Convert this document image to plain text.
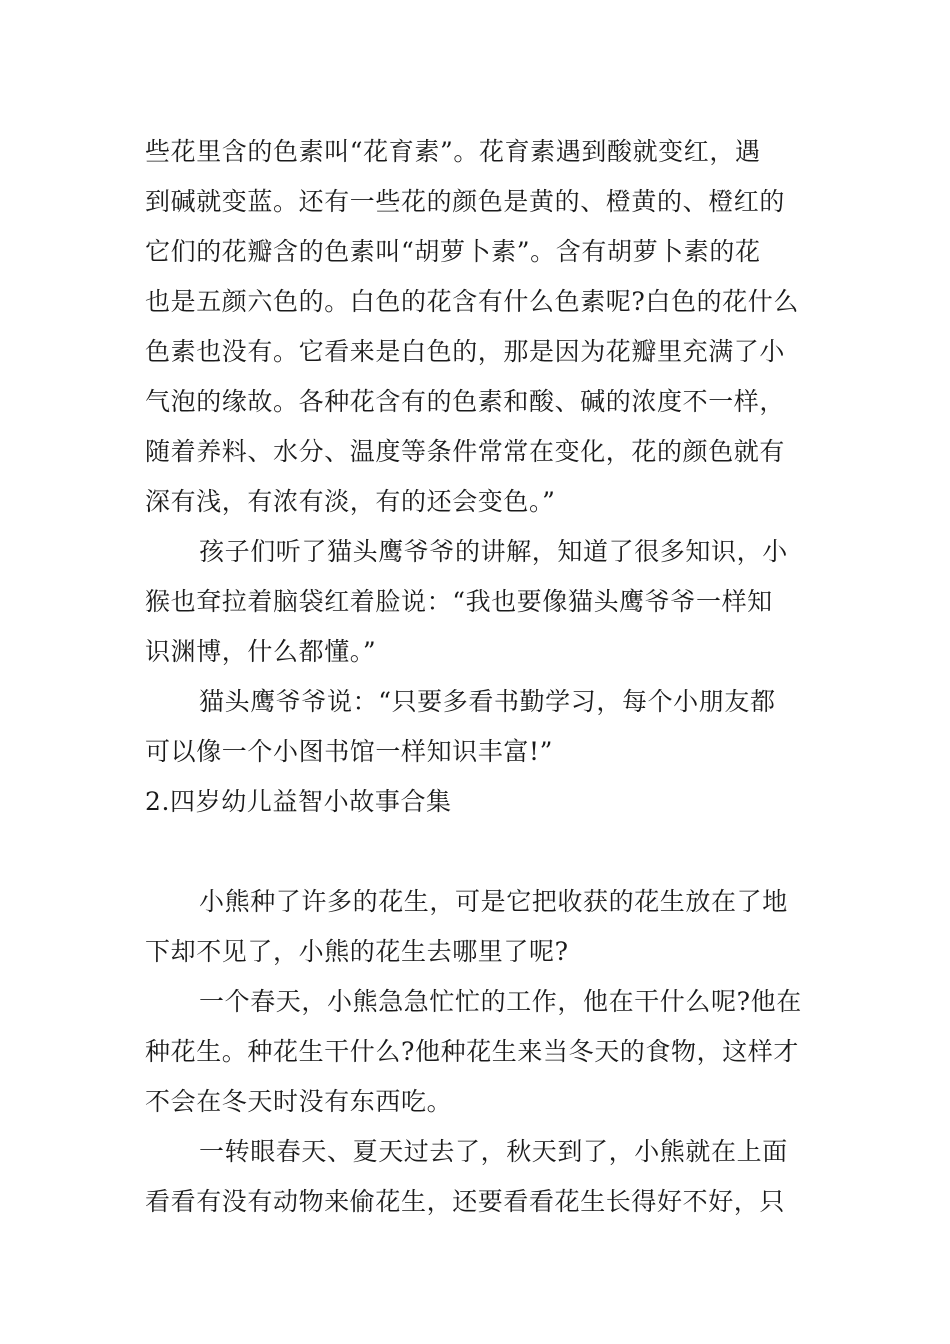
些花里含的色素叫“花育素”。花育素遇到酸就变红，遇
到碱就变蓝。还有一些花的颜色是黄的、橙黄的、橙红的
它们的花瓣含的色素叫“胡萝卜素”。含有胡萝卜素的花
也是五颜六色的。白色的花含有什么色素呢?白色的花什么
色素也没有。它看来是白色的，那是因为花瓣里充满了小
气泡的缘故。各种花含有的色素和酸、碱的浓度不一样，
随着养料、水分、温度等条件常常在变化，花的颜色就有
深有浅，有浓有淡，有的还会变色。”
孩子们听了猫头鹰爷爷的讲解，知道了很多知识，小
猴也耷拉着脑袋红着脸说：“我也要像猫头鹰爷爷一样知
识渊博，什么都懂。”
猫头鹰爷爷说：“只要多看书勤学习，每个小朋友都
可以像一个小图书馆一样知识丰富!”
2.四岁幼儿益智小故事合集
小熊种了许多的花生，可是它把收获的花生放在了地
下却不见了，小熊的花生去哪里了呢?
一个春天，小熊急急忙忙的工作，他在干什么呢?他在
种花生。种花生干什么?他种花生来当冬天的食物，这样才
不会在冬天时没有东西吃。
一转眼春天、夏天过去了，秋天到了，小熊就在上面
看看有没有动物来偷花生，还要看看花生长得好不好，只
